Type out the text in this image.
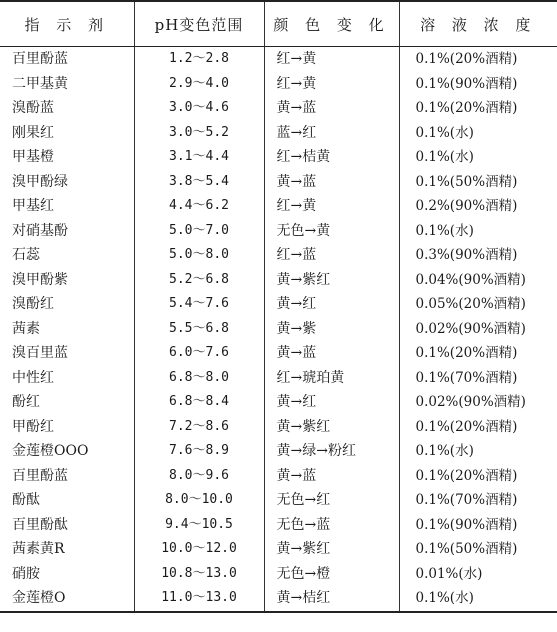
指 示 剂	pH变色范围	颜 色 变 化	溶 液 浓 度
百里酚蓝	1.2～2.8	红→黄	0.1%(20%酒精)
二甲基黄	2.9～4.0	红→黄	0.1%(90%酒精)
溴酚蓝	3.0～4.6	黄→蓝	0.1%(20%酒精)
刚果红	3.0～5.2	蓝→红	0.1%(水)
甲基橙	3.1～4.4	红→桔黄	0.1%(水)
溴甲酚绿	3.8～5.4	黄→蓝	0.1%(50%酒精)
甲基红	4.4～6.2	红→黄	0.2%(90%酒精)
对硝基酚	5.0～7.0	无色→黄	0.1%(水)
石蕊	5.0～8.0	红→蓝	0.3%(90%酒精)
溴甲酚紫	5.2～6.8	黄→紫红	0.04%(90%酒精)
溴酚红	5.4～7.6	黄→红	0.05%(20%酒精)
茜素	5.5～6.8	黄→紫	0.02%(90%酒精)
溴百里蓝	6.0～7.6	黄→蓝	0.1%(20%酒精)
中性红	6.8～8.0	红→琥珀黄	0.1%(70%酒精)
酚红	6.8～8.4	黄→红	0.02%(90%酒精)
甲酚红	7.2～8.6	黄→紫红	0.1%(20%酒精)
金莲橙OOO	7.6～8.9	黄→绿→粉红	0.1%(水)
百里酚蓝	8.0～9.6	黄→蓝	0.1%(20%酒精)
酚酞	8.0～10.0	无色→红	0.1%(70%酒精)
百里酚酞	9.4～10.5	无色→蓝	0.1%(90%酒精)
茜素黄R	10.0～12.0	黄→紫红	0.1%(50%酒精)
硝胺	10.8～13.0	无色→橙	0.01%(水)
金莲橙O	11.0～13.0	黄→桔红	0.1%(水)
